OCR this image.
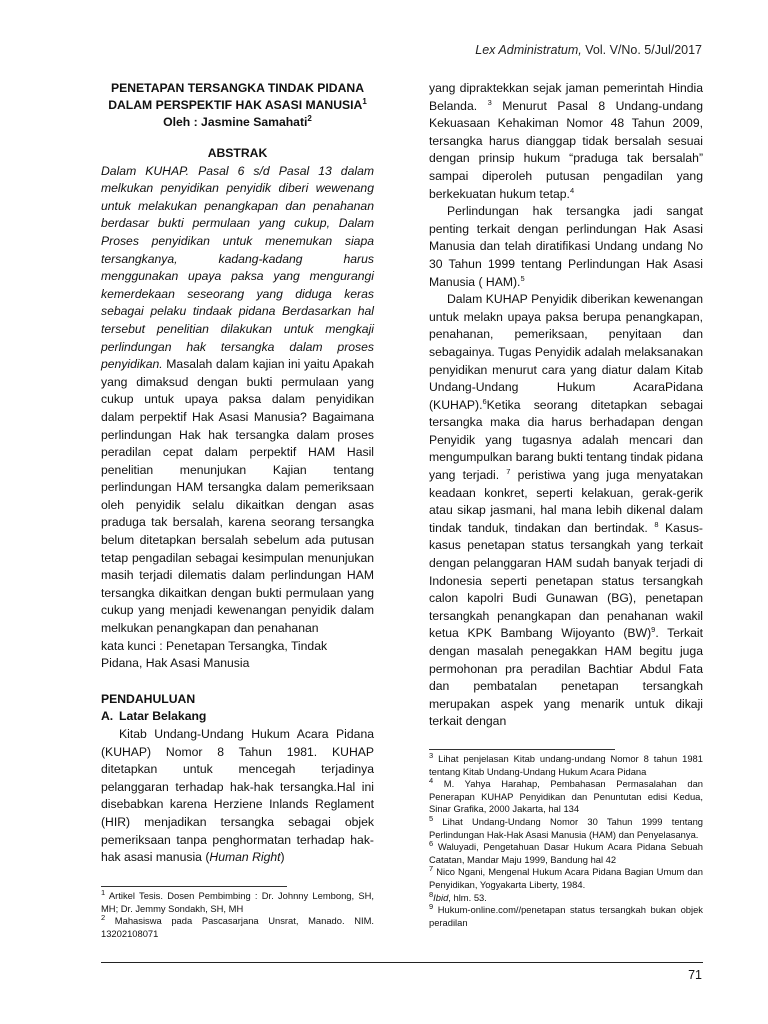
Lex Administratum, Vol. V/No. 5/Jul/2017

PENETAPAN TERSANGKA TINDAK PIDANA
DALAM PERSPEKTIF HAK ASASI MANUSIA$^1$
Oleh : Jasmine Samahati$^2$

ABSTRAK

Dalam KUHAP. Pasal 6 s/d Pasal 13 dalam melkukan penyidikan penyidik diberi wewenang untuk melakukan penangkapan dan penahanan berdasar bukti permulaan yang cukup, Dalam Proses penyidikan untuk menemukan siapa tersangkanya, kadang-kadang harus menggunakan upaya paksa yang mengurangi kemerdekaan seseorang yang diduga keras sebagai pelaku tindaak pidana Berdasarkan hal tersebut penelitian dilakukan untuk mengkaji perlindungan hak tersangka dalam proses penyidikan. Masalah dalam kajian ini yaitu Apakah yang dimaksud dengan bukti permulaan yang cukup untuk upaya paksa dalam penyidikan dalam perpektif Hak Asasi Manusia? Bagaimana perlindungan Hak hak tersangka dalam proses peradilan cepat dalam perpektif HAM Hasil penelitian menunjukan Kajian tentang perlindungan HAM tersangka dalam pemeriksaan oleh penyidik selalu dikaitkan dengan asas praduga tak bersalah, karena seorang tersangka belum ditetapkan bersalah sebelum ada putusan tetap pengadilan sebagai kesimpulan menunjukan masih terjadi dilematis dalam perlindungan HAM tersangka dikaitkan dengan bukti permulaan yang cukup yang menjadi kewenangan penyidik dalam melkukan penangkapan dan penahanan

kata kunci : Penetapan Tersangka, Tindak
Pidana, Hak Asasi Manusia

PENDAHULUAN

A. Latar Belakang

Kitab Undang-Undang Hukum Acara Pidana (KUHAP) Nomor 8 Tahun 1981. KUHAP ditetapkan untuk mencegah terjadinya pelanggaran terhadap hak-hak tersangka.Hal ini disebabkan karena Herziene Inlands Reglament (HIR) menjadikan tersangka sebagai objek pemeriksaan tanpa penghormatan terhadap hak-hak asasi manusia (Human Right)

$^1$ Artikel Tesis. Dosen Pembimbing : Dr. Johnny Lembong, SH, MH; Dr. Jemmy Sondakh, SH, MH

$^2$ Mahasiswa pada Pascasarjana Unsrat, Manado. NIM. 13202108071

yang dipraktekkan sejak jaman pemerintah Hindia Belanda. $^3$ Menurut Pasal 8 Undang-undang Kekuasaan Kehakiman Nomor 48 Tahun 2009, tersangka harus dianggap tidak bersalah sesuai dengan prinsip hukum “praduga tak bersalah” sampai diperoleh putusan pengadilan yang berkekuatan hukum tetap.$^4$

Perlindungan hak tersangka jadi sangat penting terkait dengan perlindungan Hak Asasi Manusia dan telah diratifikasi Undang undang No 30 Tahun 1999 tentang Perlindungan Hak Asasi Manusia ( HAM).$^5$

Dalam KUHAP Penyidik diberikan kewenangan untuk melakn upaya paksa berupa penangkapan, penahanan, pemeriksaan, penyitaan dan sebagainya. Tugas Penyidik adalah melaksanakan penyidikan menurut cara yang diatur dalam Kitab Undang-Undang Hukum AcaraPidana (KUHAP).$^6$Ketika seorang ditetapkan sebagai tersangka maka dia harus berhadapan dengan Penyidik yang tugasnya adalah mencari dan mengumpulkan barang bukti tentang tindak pidana yang terjadi. $^7$ peristiwa yang juga menyatakan keadaan konkret, seperti kelakuan, gerak-gerik atau sikap jasmani, hal mana lebih dikenal dalam tindak tanduk, tindakan dan bertindak. $^8$ Kasus-kasus penetapan status tersangkah yang terkait dengan pelanggaran HAM sudah banyak terjadi di Indonesia seperti penetapan status tersangkah calon kapolri Budi Gunawan (BG), penetapan tersangkah penangkapan dan penahanan wakil ketua KPK Bambang Wijoyanto (BW)$^9$. Terkait dengan masalah penegakkan HAM begitu juga permohonan pra peradilan Bachtiar Abdul Fata dan pembatalan penetapan tersangkah merupakan aspek yang menarik untuk dikaji terkait dengan

$^3$ Lihat penjelasan Kitab undang-undang Nomor 8 tahun 1981 tentang Kitab Undang-Undang Hukum Acara Pidana

$^4$ M. Yahya Harahap, Pembahasan Permasalahan dan Penerapan KUHAP Penyidikan dan Penuntutan edisi Kedua, Sinar Grafika, 2000 Jakarta, hal 134

$^5$ Lihat Undang-Undang Nomor 30 Tahun 1999 tentang Perlindungan Hak-Hak Asasi Manusia (HAM) dan Penyelasanya.

$^6$ Waluyadi, Pengetahuan Dasar Hukum Acara Pidana Sebuah Catatan, Mandar Maju 1999, Bandung hal 42

$^7$ Nico Ngani, Mengenal Hukum Acara Pidana Bagian Umum dan Penyidikan, Yogyakarta Liberty, 1984.

$^8$Ibid, hlm. 53.

$^9$ Hukum-online.com//penetapan status tersangkah bukan objek peradilan

71
